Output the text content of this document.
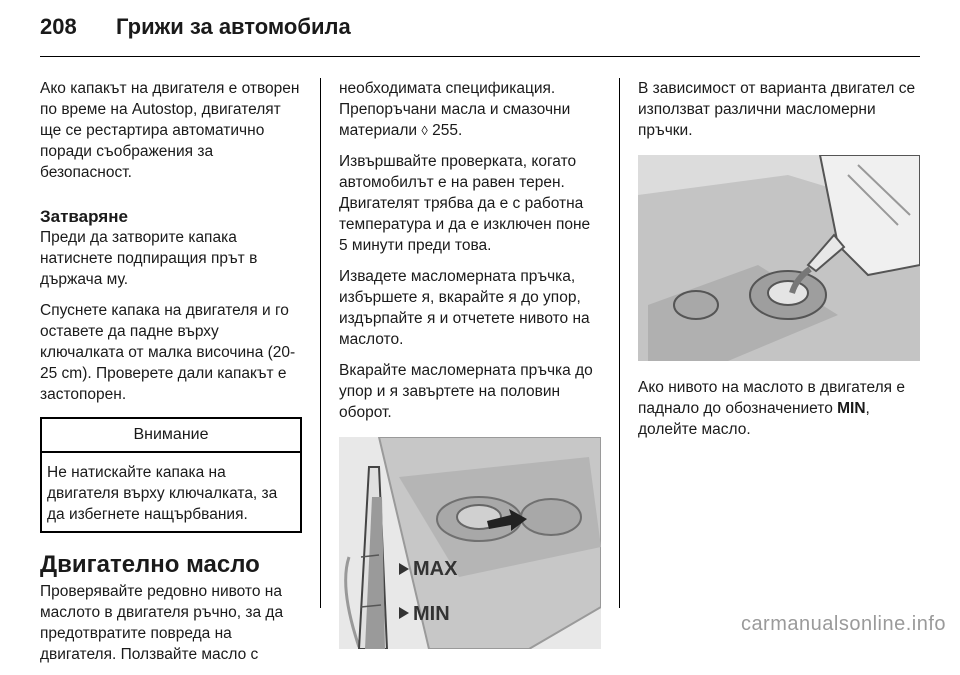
208 Грижи за автомобила

Ако капакът на двигателя е отворен по време на Autostop, двигателят ще се рестартира автоматично поради съображения за безопасност.

Затваряне

Преди да затворите капака натиснете подпиращия прът в държача му.

Спуснете капака на двигателя и го оставете да падне върху ключалката от малка височина (20-25 cm). Проверете дали капакът е застопорен.

Внимание
Не натискайте капака на двигателя върху ключалката, за да избегнете нащърбвания.
Двигателно масло

Проверявайте редовно нивото на маслото в двигателя ръчно, за да предотвратите повреда на двигателя. Ползвайте масло с

необходимата спецификация. Препоръчани масла и смазочни материали ◊ 255.

Извършвайте проверката, когато автомобилът е на равен терен. Двигателят трябва да е с работна температура и да е изключен поне 5 минути преди това.

Извадете масломерната пръчка, избършете я, вкарайте я до упор, издърпайте я и отчетете нивото на маслото.

Вкарайте масломерната пръчка до упор и я завъртете на половин оборот.

MAX
MIN

В зависимост от варианта двигател се използват различни масломерни пръчки.

Ако нивото на маслото в двигателя е паднало до обозначението MIN, долейте масло.

carmanualsonline.info
